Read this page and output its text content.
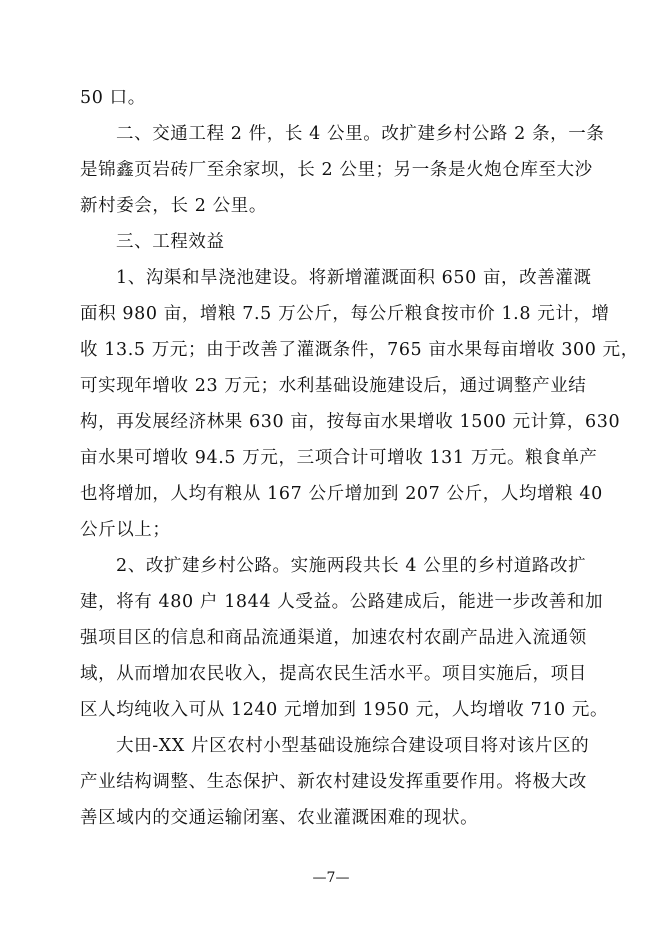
50 口。
二、交通工程 2 件，长 4 公里。改扩建乡村公路 2 条，一条
是锦鑫页岩砖厂至余家坝，长 2 公里；另一条是火炮仓库至大沙
新村委会，长 2 公里。
三、工程效益
1、沟渠和旱浇池建设。将新增灌溉面积 650 亩，改善灌溉
面积 980 亩，增粮 7.5 万公斤，每公斤粮食按市价 1.8 元计，增
收 13.5 万元；由于改善了灌溉条件，765 亩水果每亩增收 300 元，
可实现年增收 23 万元；水利基础设施建设后，通过调整产业结
构，再发展经济林果 630 亩，按每亩水果增收 1500 元计算，630
亩水果可增收 94.5 万元，三项合计可增收 131 万元。粮食单产
也将增加，人均有粮从 167 公斤增加到 207 公斤，人均增粮 40
公斤以上；
2、改扩建乡村公路。实施两段共长 4 公里的乡村道路改扩
建，将有 480 户 1844 人受益。公路建成后，能进一步改善和加
强项目区的信息和商品流通渠道，加速农村农副产品进入流通领
域，从而增加农民收入，提高农民生活水平。项目实施后，项目
区人均纯收入可从 1240 元增加到 1950 元，人均增收 710 元。
大田-XX 片区农村小型基础设施综合建设项目将对该片区的
产业结构调整、生态保护、新农村建设发挥重要作用。将极大改
善区域内的交通运输闭塞、农业灌溉困难的现状。
—7—
